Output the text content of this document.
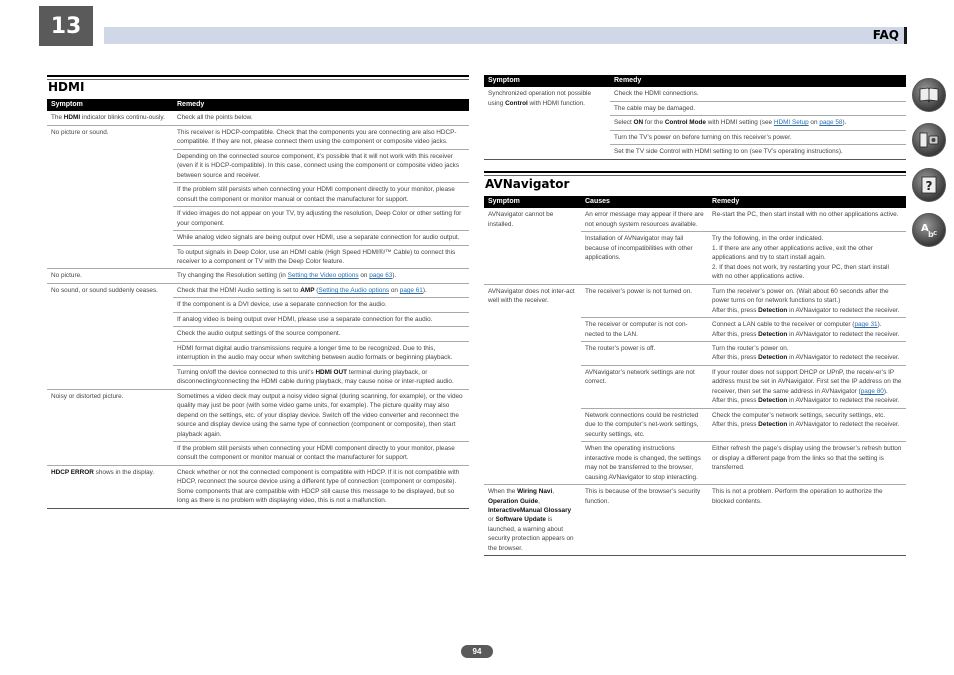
13	FAQ
HDMI
Symptom	Remedy
The HDMI indicator blinks continu-ously.	Check all the points below.
No picture or sound.	This receiver is HDCP-compatible. Check that the components you are connecting are also HDCP-compatible. If they are not, please connect them using the component or composite video jacks.
	Depending on the connected source component, it’s possible that it will not work with this receiver (even if it is HDCP-compatible). In this case, connect using the component or composite video jacks between source and receiver.
	If the problem still persists when connecting your HDMI component directly to your monitor, please consult the component or monitor manual or contact the manufacturer for support.
	If video images do not appear on your TV, try adjusting the resolution, Deep Color or other setting for your component.
	While analog video signals are being output over HDMI, use a separate connection for audio output.
	To output signals in Deep Color, use an HDMI cable (High Speed HDMI®/™ Cable) to connect this receiver to a component or TV with the Deep Color feature.
No picture.	Try changing the Resolution setting (in Setting the Video options on page 63).
No sound, or sound suddenly ceases.	Check that the HDMI Audio setting is set to AMP (Setting the Audio options on page 61).
	If the component is a DVI device, use a separate connection for the audio.
	If analog video is being output over HDMI, please use a separate connection for the audio.
	Check the audio output settings of the source component.
	HDMI format digital audio transmissions require a longer time to be recognized. Due to this, interruption in the audio may occur when switching between audio formats or beginning playback.
	Turning on/off the device connected to this unit’s HDMI OUT terminal during playback, or disconnecting/connecting the HDMI cable during playback, may cause noise or inter-rupted audio.
Noisy or distorted picture.	Sometimes a video deck may output a noisy video signal (during scanning, for example), or the video quality may just be poor (with some video game units, for example). The picture quality may also depend on the settings, etc. of your display device. Switch off the video converter and reconnect the source and display device using the same type of connection (component or composite), then start playback again.
	If the problem still persists when connecting your HDMI component directly to your monitor, please consult the component or monitor manual or contact the manufacturer for support.
HDCP ERROR shows in the display.	Check whether or not the connected component is compatible with HDCP. If it is not compatible with HDCP, reconnect the source device using a different type of connection (component or composite). Some components that are compatible with HDCP still cause this message to be displayed, but so long as there is no problem with displaying video, this is not a malfunction.
Symptom	Remedy
Synchronized operation not possible using Control with HDMI function.	Check the HDMI connections.
	The cable may be damaged.
	Select ON for the Control Mode with HDMI setting (see HDMI Setup on page 58).
	Turn the TV’s power on before turning on this receiver’s power.
	Set the TV side Control with HDMI setting to on (see TV’s operating instructions).
AVNavigator
Symptom	Causes	Remedy
AVNavigator cannot be installed.	An error message may appear if there are not enough system resources available.	Re-start the PC, then start install with no other applications active.
	Installation of AVNavigator may fail because of incompatibilities with other applications.	Try the following, in the order indicated.
1. If there are any other applications active, exit the other applications and try to start install again.
2. If that does not work, try restarting your PC, then start install with no other applications active.
AVNavigator does not inter-act well with the receiver.	The receiver’s power is not turned on.	Turn the receiver’s power on. (Wait about 60 seconds after the power turns on for network functions to start.)
After this, press Detection in AVNavigator to redetect the receiver.
	The receiver or computer is not con-nected to the LAN.	Connect a LAN cable to the receiver or computer (page 31).
After this, press Detection in AVNavigator to redetect the receiver.
	The router’s power is off.	Turn the router’s power on.
After this, press Detection in AVNavigator to redetect the receiver.
	AVNavigator’s network settings are not correct.	If your router does not support DHCP or UPnP, the receiv-er’s IP address must be set in AVNavigator. First set the IP address on the receiver, then set the same address in AVNavigator (page 80).
After this, press Detection in AVNavigator to redetect the receiver.
	Network connections could be restricted due to the computer’s net-work settings, security settings, etc.	Check the computer’s network settings, security settings, etc.
After this, press Detection in AVNavigator to redetect the receiver.
	When the operating instructions interactive mode is changed, the settings may not be transferred to the browser, causing AVNavigator to stop interacting.	Either refresh the page’s display using the browser’s refresh button or display a different page from the links so that the setting is transferred.
When the Wiring Navi, Operation Guide, InteractiveManual Glossary or Software Update is launched, a warning about security protection appears on the browser.	This is because of the browser’s security function.	This is not a problem. Perform the operation to authorize the blocked contents.
?
A
b c
94
